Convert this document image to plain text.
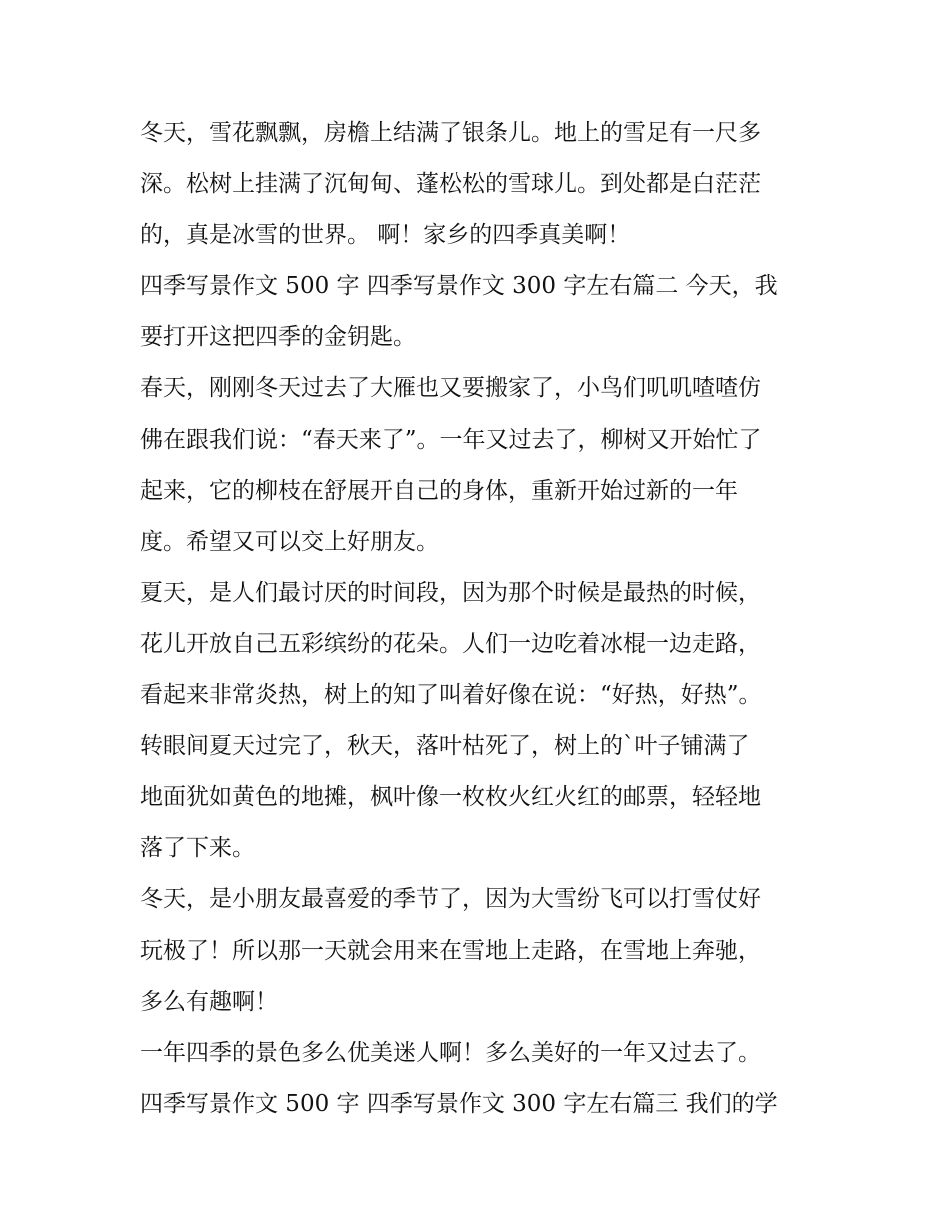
冬天，雪花飘飘，房檐上结满了银条儿。地上的雪足有一尺多
深。松树上挂满了沉甸甸、蓬松松的雪球儿。到处都是白茫茫
的，真是冰雪的世界。 啊！家乡的四季真美啊！
四季写景作文 500 字 四季写景作文 300 字左右篇二 今天，我
要打开这把四季的金钥匙。
春天，刚刚冬天过去了大雁也又要搬家了，小鸟们叽叽喳喳仿
佛在跟我们说：“春天来了”。一年又过去了，柳树又开始忙了
起来，它的柳枝在舒展开自己的身体，重新开始过新的一年
度。希望又可以交上好朋友。
夏天，是人们最讨厌的时间段，因为那个时候是最热的时候，
花儿开放自己五彩缤纷的花朵。人们一边吃着冰棍一边走路，
看起来非常炎热，树上的知了叫着好像在说：“好热，好热”。
转眼间夏天过完了，秋天，落叶枯死了，树上的`叶子铺满了
地面犹如黄色的地摊，枫叶像一枚枚火红火红的邮票，轻轻地
落了下来。
冬天，是小朋友最喜爱的季节了，因为大雪纷飞可以打雪仗好
玩极了！所以那一天就会用来在雪地上走路，在雪地上奔驰，
多么有趣啊！
一年四季的景色多么优美迷人啊！多么美好的一年又过去了。
四季写景作文 500 字 四季写景作文 300 字左右篇三 我们的学
